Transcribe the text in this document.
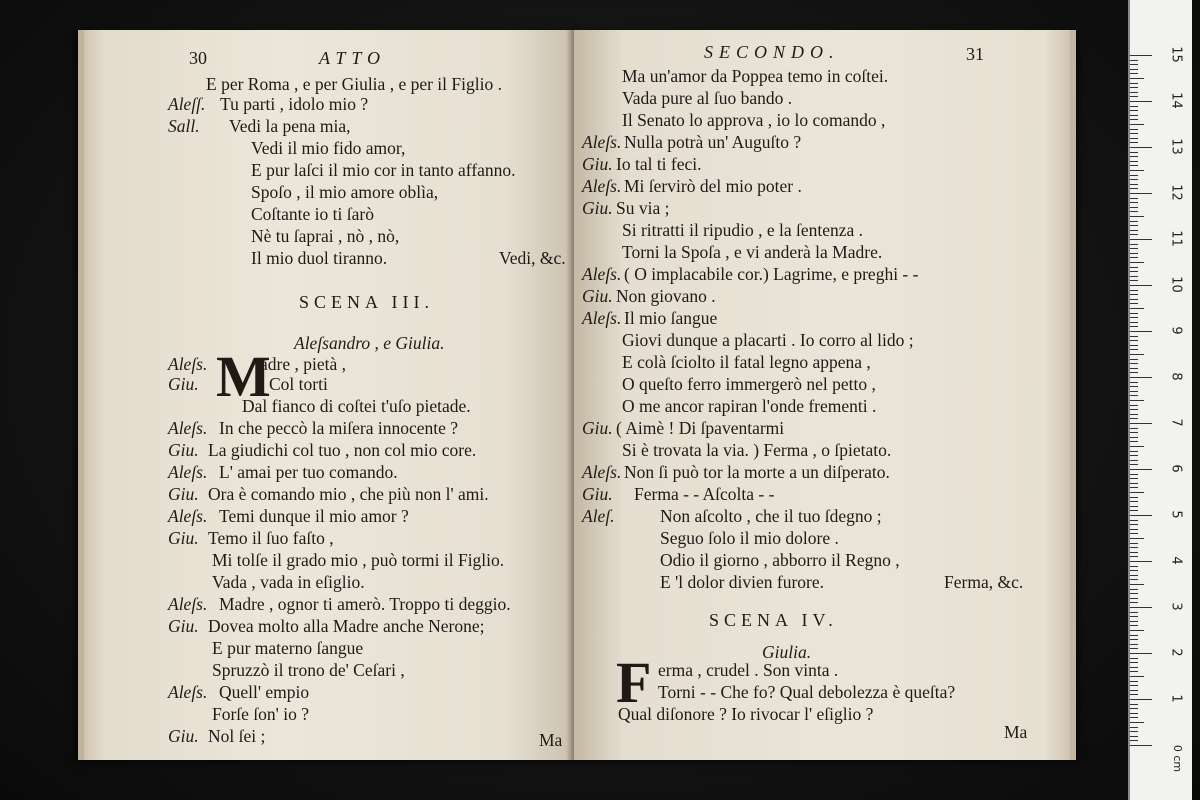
30	ATTO
E per Roma , e per Giulia , e per il Figlio .
Aleſſ. Tu parti , idolo mio ?
Sall. Vedi la pena mia,
Vedi il mio fido amor,
E pur laſci il mio cor in tanto affanno.
Spoſo , il mio amore oblìa,
Coſtante io ti ſarò
Nè tu ſaprai , nò , nò,
Il mio duol tiranno.	Vedi, &c.
SCENA III.
Aleſsandro , e Giulia.
M
Aleſs.	adre , pietà ,
Giu.	Col torti
Dal fianco di coſtei t'uſo pietade.
Aleſs. In che peccò la miſera innocente ?
Giu. La giudichi col tuo , non col mio core.
Aleſs. L' amai per tuo comando.
Giu. Ora è comando mio , che più non l' ami.
Aleſs. Temi dunque il mio amor ?
Giu. Temo il ſuo faſto ,
Mi tolſe il grado mio , può tormi il Figlio.
Vada , vada in eſiglio.
Aleſs. Madre , ognor ti amerò. Troppo ti deggio.
Giu. Dovea molto alla Madre anche Nerone;
E pur materno ſangue
Spruzzò il trono de' Ceſari ,
Aleſs. Quell' empio
Forſe ſon' io ?
Giu. Nol ſei ;	Ma
SECONDO.	31
Ma un'amor da Poppea temo in coſtei.
Vada pure al ſuo bando .
Il Senato lo approva , io lo comando ,
Aleſs. Nulla potrà un' Auguſto ?
Giu. Io tal ti feci.
Aleſs. Mi ſervirò del mio poter .
Giu. Su via ;
Si ritratti il ripudio , e la ſentenza .
Torni la Spoſa , e vi anderà la Madre.
Aleſs. ( O implacabile cor.) Lagrime, e preghi - -
Giu. Non giovano .
Aleſs. Il mio ſangue
Giovi dunque a placarti . Io corro al lido ;
E colà ſciolto il fatal legno appena ,
O queſto ferro immergerò nel petto ,
O me ancor rapiran l'onde frementi .
Giu. ( Aimè ! Di ſpaventarmi
Si è trovata la via. ) Ferma , o ſpietato.
Aleſs. Non ſi può tor la morte a un diſperato.
Giu. Ferma - - Aſcolta - -
Aleſ.	Non aſcolto , che il tuo ſdegno ;
Seguo ſolo il mio dolore .
Odio il giorno , abborro il Regno ,
E 'l dolor divien furore.	Ferma, &c.
SCENA IV.
Giulia.
F erma , crudel . Son vinta .
Torni - - Che fo? Qual debolezza è queſta?
Qual diſonore ? Io rivocar l' eſiglio ?
Ma
1
2
3
4
5
6
7
8
9
10
11
12
13
14
15
0 cm
